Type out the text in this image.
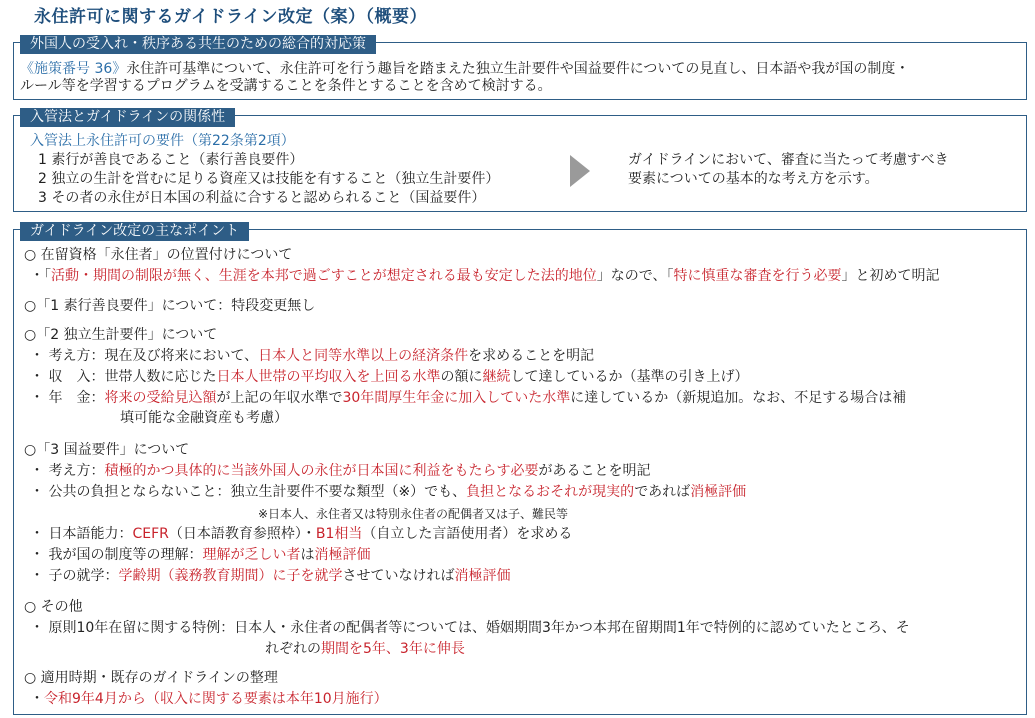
永住許可に関するガイドライン改定（案）（概要）
外国人の受入れ・秩序ある共生のための総合的対応策
《施策番号 36》永住許可基準について、永住許可を行う趣旨を踏まえた独立生計要件や国益要件についての見直し、日本語や我が国の制度・
ルール等を学習するプログラムを受講することを条件とすることを含めて検討する。
入管法とガイドラインの関係性
入管法上永住許可の要件（第22条第2項）
1 素行が善良であること（素行善良要件）
2 独立の生計を営むに足りる資産又は技能を有すること（独立生計要件）
3 その者の永住が日本国の利益に合すると認められること（国益要件）
ガイドラインにおいて、審査に当たって考慮すべき
要素についての基本的な考え方を示す。
ガイドライン改定の主なポイント
○ 在留資格「永住者」の位置付けについて
・「活動・期間の制限が無く、生涯を本邦で過ごすことが想定される最も安定した法的地位」なので、「特に慎重な審査を行う必要」と初めて明記
○「1 素行善良要件」について：特段変更無し
○「2 独立生計要件」について
・ 考え方：現在及び将来において、日本人と同等水準以上の経済条件を求めることを明記
・ 収　入：世帯人数に応じた日本人世帯の平均収入を上回る水準の額に継続して達しているか（基準の引き上げ）
・ 年　金：将来の受給見込額が上記の年収水準で30年間厚生年金に加入していた水準に達しているか（新規追加。なお、不足する場合は補
填可能な金融資産も考慮）
○「3 国益要件」について
・ 考え方：積極的かつ具体的に当該外国人の永住が日本国に利益をもたらす必要があることを明記
・ 公共の負担とならないこと：独立生計要件不要な類型（※）でも、負担となるおそれが現実的であれば消極評価
※日本人、永住者又は特別永住者の配偶者又は子、難民等
・ 日本語能力：CEFR（日本語教育参照枠）・B1相当（自立した言語使用者）を求める
・ 我が国の制度等の理解：理解が乏しい者は消極評価
・ 子の就学：学齢期（義務教育期間）に子を就学させていなければ消極評価
○ その他
・ 原則10年在留に関する特例：日本人・永住者の配偶者等については、婚姻期間3年かつ本邦在留期間1年で特例的に認めていたところ、そ
れぞれの期間を5年、3年に伸長
○ 適用時期・既存のガイドラインの整理
・令和9年4月から（収入に関する要素は本年10月施行）
